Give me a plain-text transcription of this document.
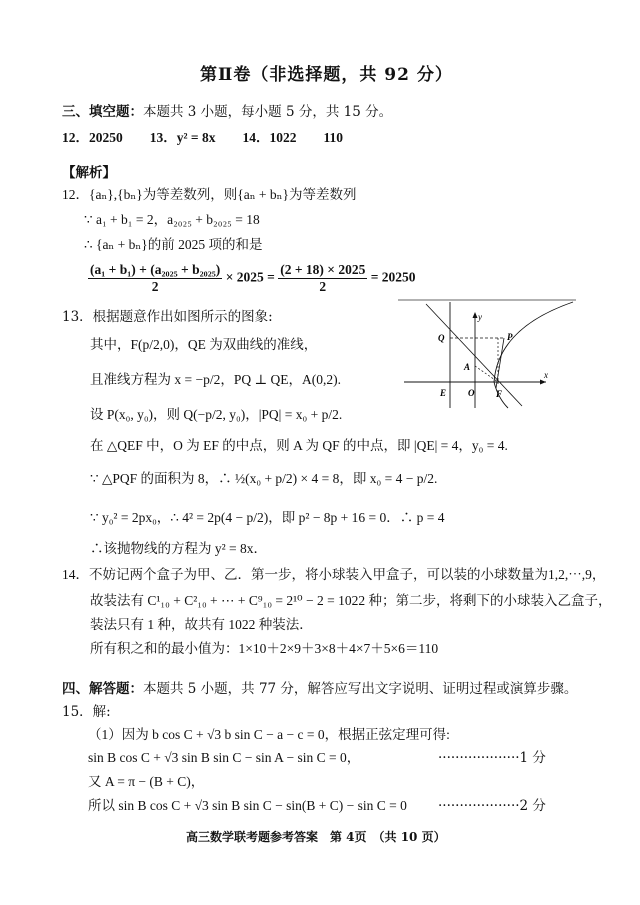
第Ⅱ卷（非选择题，共 92 分）
三、填空题：本题共 3 小题，每小题 5 分，共 15 分。
12．20250　　13．y² = 8x　　14．1022　　110
【解析】
12．{aₙ},{bₙ}为等差数列，则{aₙ + bₙ}为等差数列
∵ a₁ + b₁ = 2，a₂₀₂₅ + b₂₀₂₅ = 18
∴ {aₙ + bₙ}的前 2025 项的和是
$\frac{\text{(a₁ + b₁) + (a₂₀₂₅ + b₂₀₂₅)}}{2} \times 2025 = \frac{(2 + 18) \times 2025}{2} = 20250$
13．根据题意作出如图所示的图象:
其中，F(p/2,0)，QE 为双曲线的准线，
且准线方程为 x = −p/2，PQ ⊥ QE，A(0,2).
设 P(x₀, y₀)，则 Q(−p/2, y₀)，|PQ| = x₀ + p/2.
在 △QEF 中，O 为 EF 的中点，则 A 为 QF 的中点，即 |QE| = 4，y₀ = 4.
∵ △PQF 的面积为 8，∴ ½(x₀ + p/2) × 4 = 8，即 x₀ = 4 − p/2.
∵ y₀² = 2px₀，∴ 4² = 2p(4 − p/2)，即 p² − 8p + 16 = 0．∴ p = 4
∴该抛物线的方程为 y² = 8x．
y
x
Q	P
A
E O F
14．不妨记两个盒子为甲、乙．第一步，将小球装入甲盒子，可以装的小球数量为1,2,⋯,9，
故装法有 C¹₁₀ + C²₁₀ + ⋯ + C⁹₁₀ = 2¹⁰ − 2 = 1022 种；第二步，将剩下的小球装入乙盒子，
装法只有 1 种，故共有 1022 种装法．
所有积之和的最小值为：1×10＋2×9＋3×8＋4×7＋5×6＝110
四、解答题：本题共 5 小题，共 77 分，解答应写出文字说明、证明过程或演算步骤。
15．解:
（1）因为 b cos C + √3 b sin C − a − c = 0，根据正弦定理可得:
sin B cos C + √3 sin B sin C − sin A − sin C = 0，	···················1 分
又 A = π − (B + C)，
所以 sin B cos C + √3 sin B sin C − sin(B + C) − sin C = 0 ···················2 分
高三数学联考题参考答案　第 4页　（共 10 页）
